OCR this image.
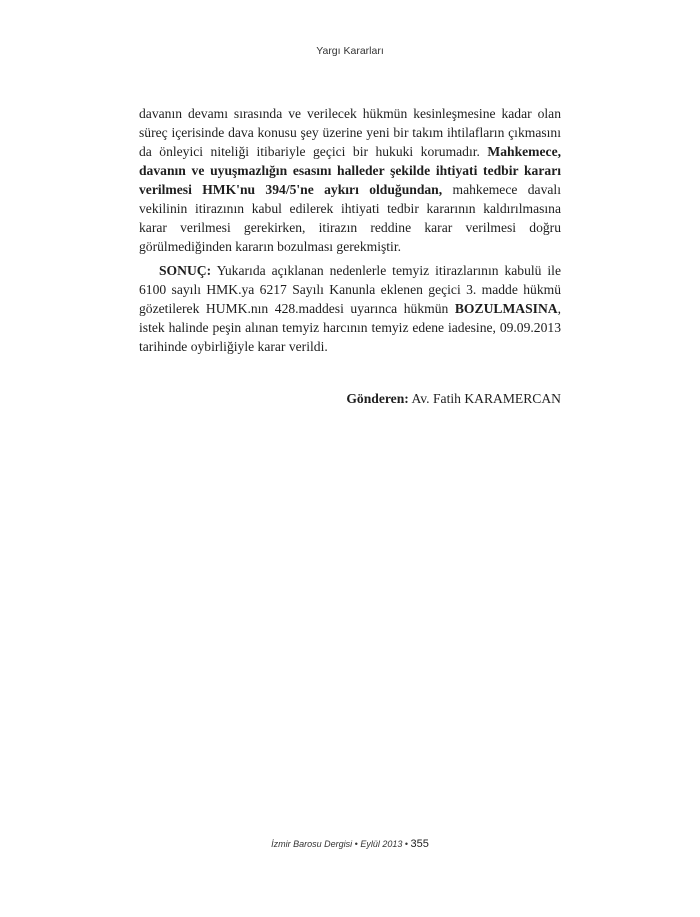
Yargı Kararları

davanın devamı sırasında ve verilecek hükmün kesinleşmesine kadar olan süreç içerisinde dava konusu şey üzerine yeni bir takım ihtilafların çıkmasını da önleyici niteliği itibariyle geçici bir hukuki korumadır. Mahkemece, davanın ve uyuşmazlığın esasını halleder şekilde ihtiyati tedbir kararı verilmesi HMK'nu 394/5'ne aykırı olduğundan, mahkemece davalı vekilinin itirazının kabul edilerek ihtiyati tedbir kararının kaldırılmasına karar verilmesi gerekirken, itirazın reddine karar verilmesi doğru görülmediğinden kararın bozulması gerekmiştir.

SONUÇ: Yukarıda açıklanan nedenlerle temyiz itirazlarının kabulü ile 6100 sayılı HMK.ya 6217 Sayılı Kanunla eklenen geçici 3. madde hükmü gözetilerek HUMK.nın 428.maddesi uyarınca hükmün BOZULMASINA, istek halinde peşin alınan temyiz harcının temyiz edene iadesine, 09.09.2013 tarihinde oybirliğiyle karar verildi.

Gönderen: Av. Fatih KARAMERCAN
İzmir Barosu Dergisi • Eylül 2013 • 355
